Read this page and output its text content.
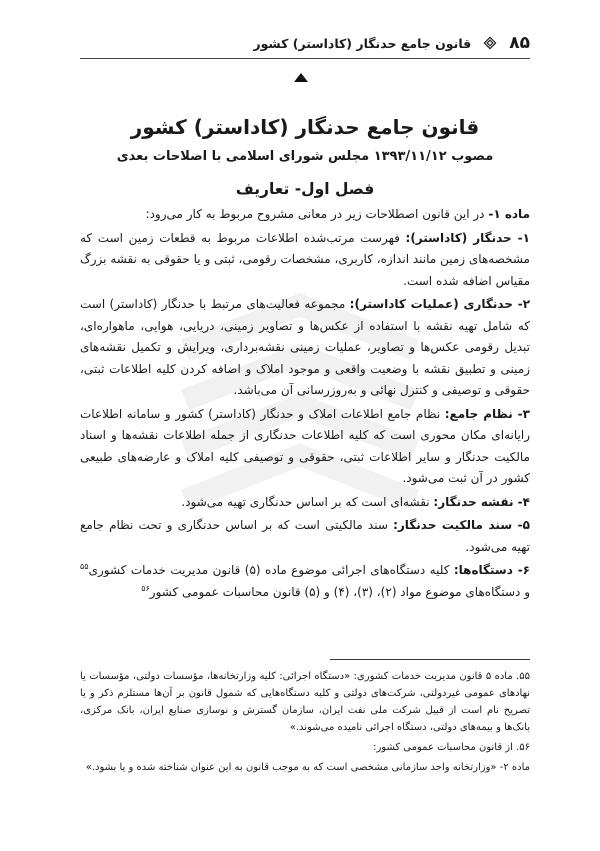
۸۵
قانون جامع حدنگار (کاداستر) کشور
قانون جامع حدنگار (کاداستر) کشور

مصوب ۱۳۹۳/۱۱/۱۲ مجلس شورای اسلامی با اصلاحات بعدی

فصل اول- تعاریف

ماده ۱- در این قانون اصطلاحات زیر در معانی مشروح مربوط به کار می‌رود:

۱- حدنگار (کاداستر): فهرست مرتب‌شده اطلاعات مربوط به قطعات زمین است که مشخصه‌های زمین مانند اندازه، کاربری، مشخصات رقومی، ثبتی و یا حقوقی به نقشه بزرگ مقیاس اضافه شده است.

۲- حدنگاری (عملیات کاداستر): مجموعه فعالیت‌های مرتبط با حدنگار (کاداستر) است که شامل تهیه نقشه با استفاده از عکس‌ها و تصاویر زمینی، دریایی، هوایی، ماهواره‌ای، تبدیل رقومی عکس‌ها و تصاویر، عملیات زمینی نقشه‌برداری، ویرایش و تکمیل نقشه‌های زمینی و تطبیق نقشه با وضعیت واقعی و موجود املاک و اضافه کردن کلیه اطلاعات ثبتی، حقوقی و توصیفی و کنترل نهائی و به‌روزرسانی آن می‌باشد.

۳- نظام جامع: نظام جامع اطلاعات املاک و حدنگار (کاداستر) کشور و سامانه اطلاعات رایانه‌ای مکان محوری است که کلیه اطلاعات حدنگاری از جمله اطلاعات نقشه‌ها و اسناد مالکیت حدنگار و سایر اطلاعات ثبتی، حقوقی و توصیفی کلیه املاک و عارضه‌های طبیعی کشور در آن ثبت می‌شود.

۴- نقشه حدنگار: نقشه‌ای است که بر اساس حدنگاری تهیه می‌شود.

۵- سند مالکیت حدنگار: سند مالکیتی است که بر اساس حدنگاری و تحت نظام جامع تهیه می‌شود.

۶- دستگاه‌ها: کلیه دستگاه‌های اجرائی موضوع ماده (۵) قانون مدیریت خدمات کشوری$^{۵۵}$ و دستگاه‌های موضوع مواد (۲)، (۳)، (۴) و (۵) قانون محاسبات عمومی کشور$^{۵۶}$

۵۵. ماده ۵ قانون مدیریت خدمات کشوری: «دستگاه اجرائی: کلیه وزارتخانه‌ها، مؤسسات دولتی، مؤسسات یا نهادهای عمومی غیردولتی، شرکت‌های دولتی و کلیه دستگاه‌هایی که شمول قانون بر آن‌ها مستلزم ذکر و یا تصریح نام است از قبیل شرکت ملی نفت ایران، سازمان گسترش و نوسازی صنایع ایران، بانک مرکزی، بانک‌ها و بیمه‌های دولتی، دستگاه اجرائی نامیده می‌شوند.»

۵۶. از قانون محاسبات عمومی کشور:

ماده ۲- «وزارتخانه واحد سازمانی مشخصی است که به موجب قانون به این عنوان شناخته شده و یا بشود.»
